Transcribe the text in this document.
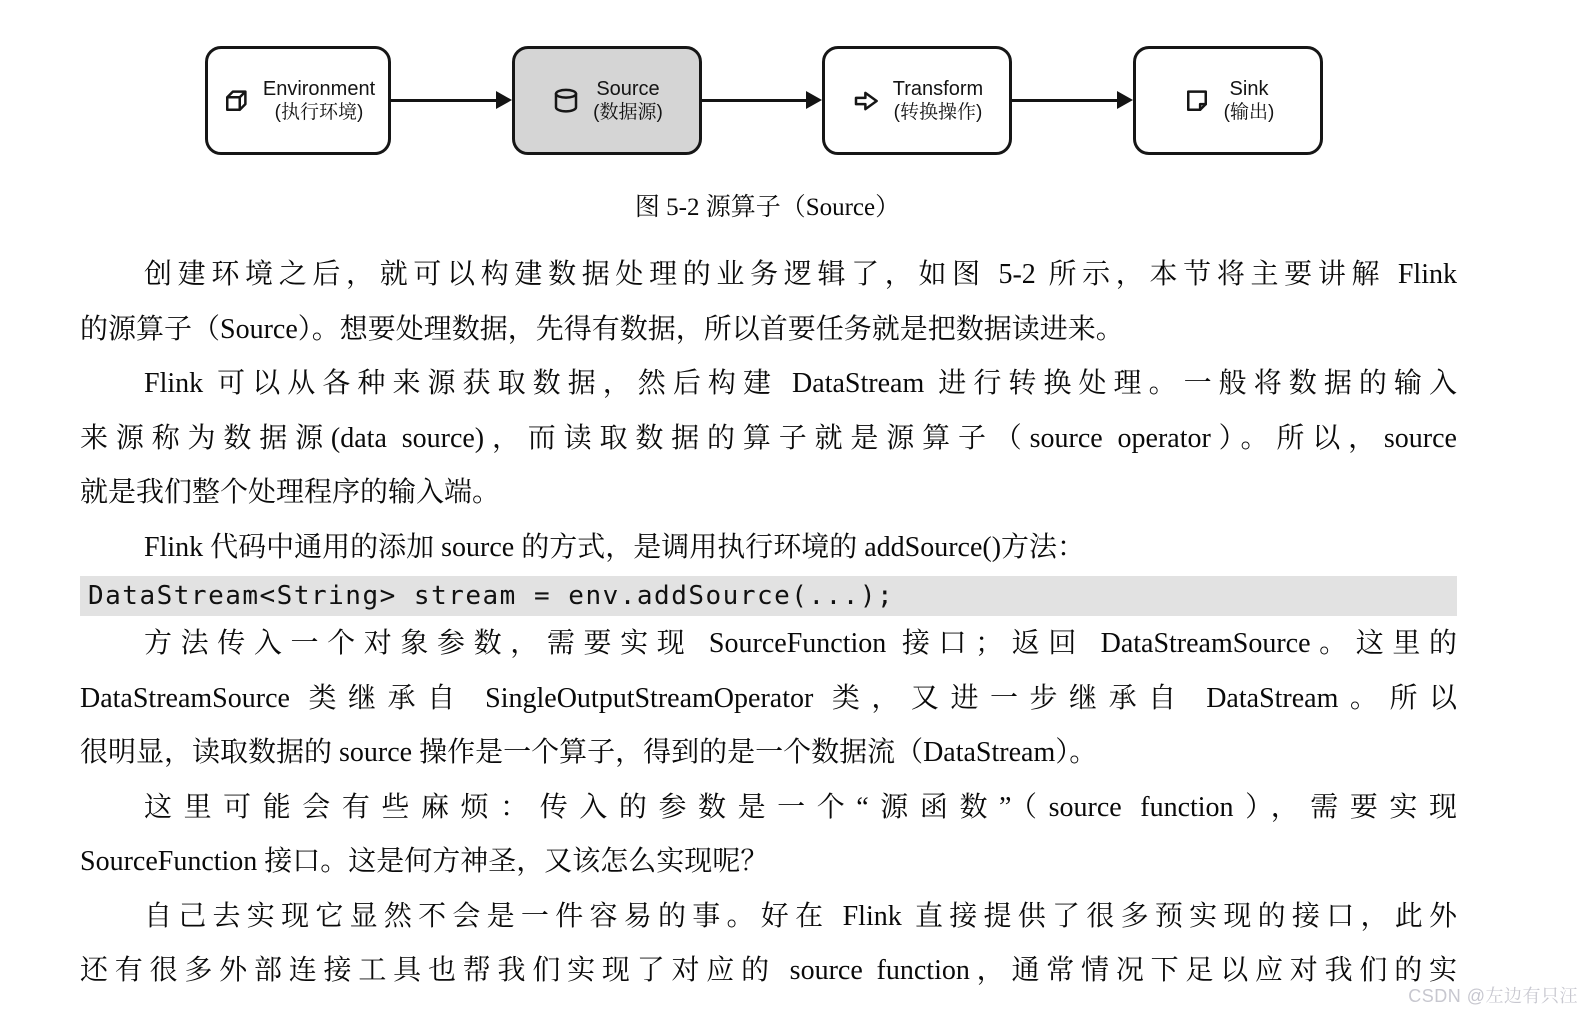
Environment
(执行环境)
Source
(数据源)
Transform
(转换操作)
Sink
(输出)
图 5-2 源算子（Source）
创建环境之后，就可以构建数据处理的业务逻辑了，如图 5-2 所示，本节将主要讲解 Flink
的源算子（Source）。想要处理数据，先得有数据，所以首要任务就是把数据读进来。
Flink 可以从各种来源获取数据，然后构建 DataStream 进行转换处理。一般将数据的输入
来源称为数据源(data source)，而读取数据的算子就是源算子（source operator）。所以，source
就是我们整个处理程序的输入端。
Flink 代码中通用的添加 source 的方式，是调用执行环境的 addSource()方法：
DataStream<String> stream = env.addSource(...);
方法传入一个对象参数，需要实现 SourceFunction 接口；返回 DataStreamSource。这里的
DataStreamSource 类继承自 SingleOutputStreamOperator 类，又进一步继承自 DataStream。所以
很明显，读取数据的 source 操作是一个算子，得到的是一个数据流（DataStream）。
这里可能会有些麻烦：传入的参数是一个“源函数”（source function），需要实现
SourceFunction 接口。这是何方神圣，又该怎么实现呢？
自己去实现它显然不会是一件容易的事。好在 Flink 直接提供了很多预实现的接口，此外
还有很多外部连接工具也帮我们实现了对应的 source function，通常情况下足以应对我们的实
CSDN @左边有只汪
